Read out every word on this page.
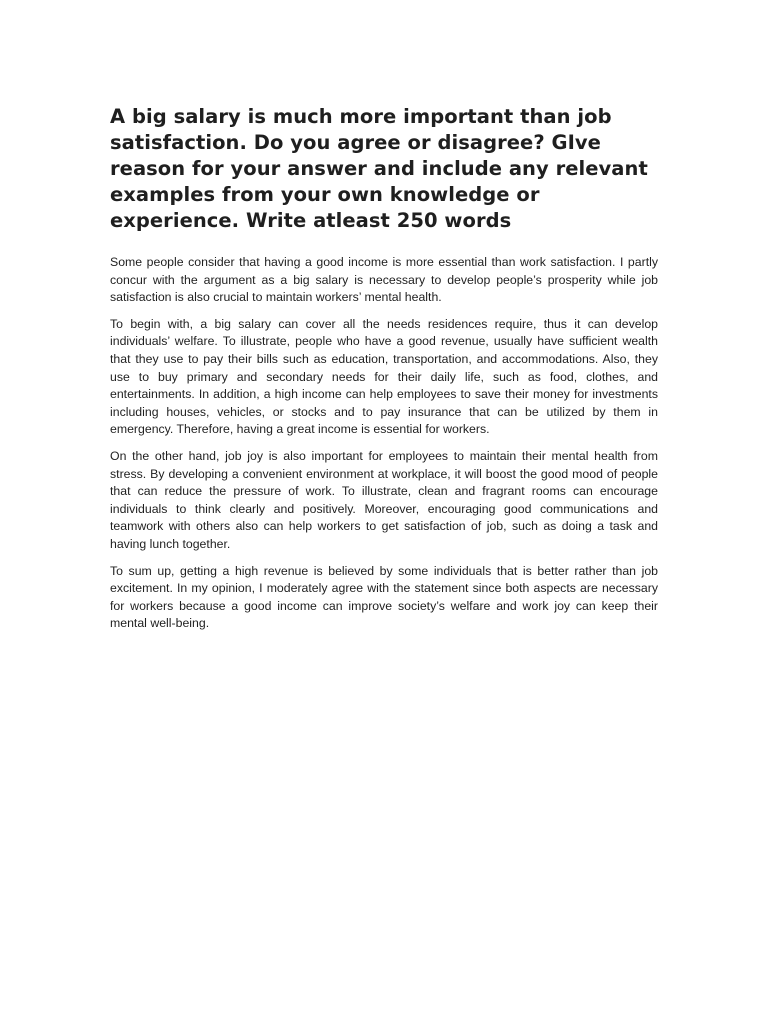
A big salary is much more important than job satisfaction. Do you agree or disagree? GIve reason for your answer and include any relevant examples from your own knowledge or experience. Write atleast 250 words

Some people consider that having a good income is more essential than work satisfaction. I partly concur with the argument as a big salary is necessary to develop people’s prosperity while job satisfaction is also crucial to maintain workers’ mental health.

To begin with, a big salary can cover all the needs residences require, thus it can develop individuals’ welfare. To illustrate, people who have a good revenue, usually have sufficient wealth that they use to pay their bills such as education, transportation, and accommodations. Also, they use to buy primary and secondary needs for their daily life, such as food, clothes, and entertainments. In addition, a high income can help employees to save their money for investments including houses, vehicles, or stocks and to pay insurance that can be utilized by them in emergency. Therefore, having a great income is essential for workers.

On the other hand, job joy is also important for employees to maintain their mental health from stress. By developing a convenient environment at workplace, it will boost the good mood of people that can reduce the pressure of work. To illustrate, clean and fragrant rooms can encourage individuals to think clearly and positively. Moreover, encouraging good communications and teamwork with others also can help workers to get satisfaction of job, such as doing a task and having lunch together.

To sum up, getting a high revenue is believed by some individuals that is better rather than job excitement. In my opinion, I moderately agree with the statement since both aspects are necessary for workers because a good income can improve society’s welfare and work joy can keep their mental well-being.
